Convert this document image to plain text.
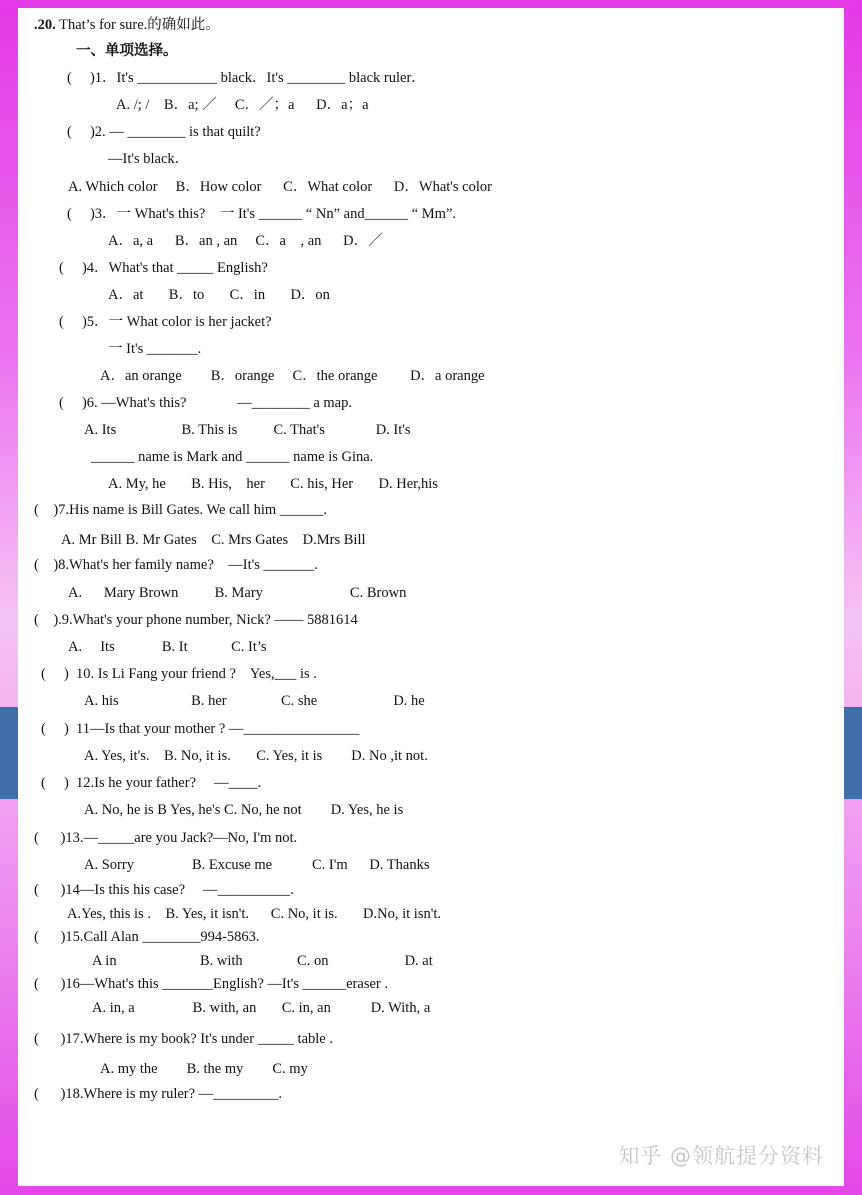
.20. That’s for sure.的确如此。
一、单项选择。
(     )1．It's ___________ black．It's ________ black ruler．
A. /; /    B．a; ／     C．／；a      D．a；a
(     )2. — ________ is that quilt?
—It's black．
A. Which color     B．How color      C．What color      D．What's color
(     )3．一 What's this?    一 It's ______ “ Nn” and______ “ Mm”.
A．a, a      B．an , an     C．a    , an      D．／
(     )4．What's that _____ English?
A．at       B．to       C．in       D．on
(     )5．一 What color is her jacket?
一 It's _______.
A．an orange        B．orange     C．the orange         D．a orange
(     )6. —What's this?              —________ a map.
A. Its                  B. This is          C. That's              D. It's
______ name is Mark and ______ name is Gina.
A. My, he       B. His,    her       C. his, Her       D. Her,his
(    )7.His name is Bill Gates. We call him ______.
A. Mr Bill B. Mr Gates    C. Mrs Gates    D.Mrs Bill
(    )8.What's her family name?    —It's _______.
A.      Mary Brown          B. Mary                        C. Brown
(    ).9.What's your phone number, Nick? —— 5881614
A.     Its             B. It            C. It’s
(     )  10. Is Li Fang your friend ?    Yes,___ is .
A. his                    B. her               C. she                     D. he
(     )  11—Is that your mother ? —________________
A. Yes, it's.    B. No, it is.       C. Yes, it is        D. No ,it not.
(     )  12.Is he your father?     —____.
A. No, he is B Yes, he's C. No, he not        D. Yes, he is
(      )13.—_____are you Jack?—No, I'm not.
A. Sorry                B. Excuse me           C. I'm      D. Thanks
(      )14—Is this his case?     —__________.
A.Yes, this is .    B. Yes, it isn't.      C. No, it is.       D.No, it isn't.
(      )15.Call Alan ________994-5863.
A in                       B. with               C. on                     D. at
(      )16—What's this _______English? —It's ______eraser .
A. in, a                B. with, an       C. in, an           D. With, a
(      )17.Where is my book? It's under _____ table .
A. my the        B. the my        C. my
(      )18.Where is my ruler? —_________.
知乎 @领航提分资料
